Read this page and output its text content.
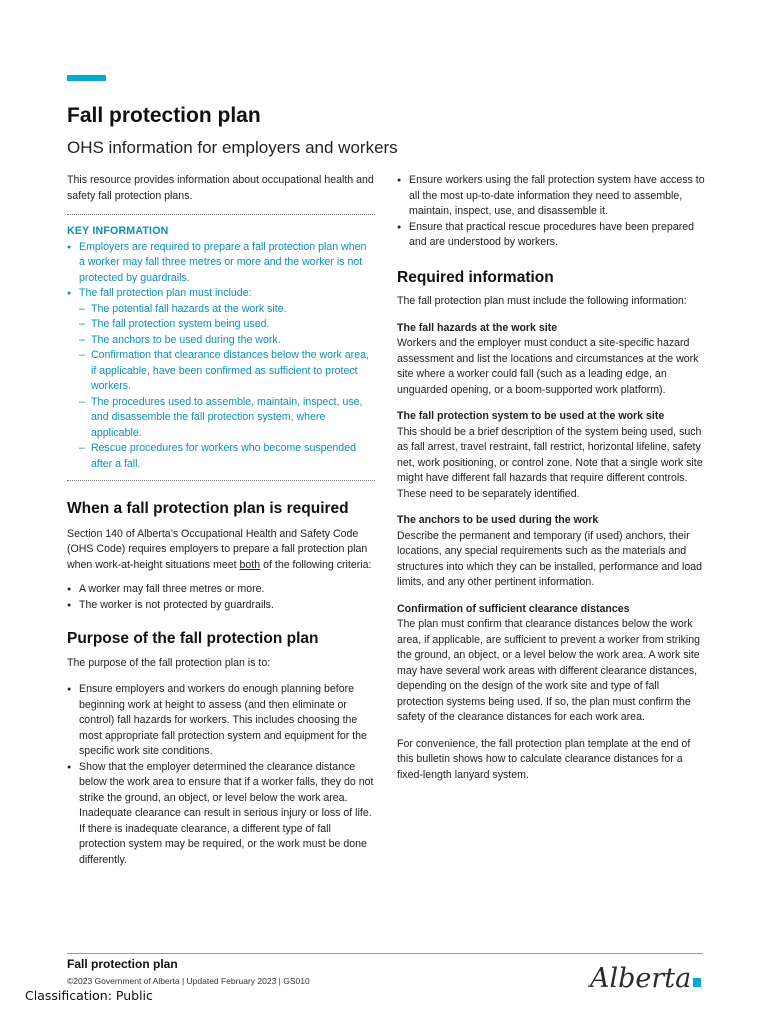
Fall protection plan
OHS information for employers and workers

This resource provides information about occupational health and safety fall protection plans.

KEY INFORMATION
● Employers are required to prepare a fall protection plan when a worker may fall three metres or more and the worker is not protected by guardrails.
● The fall protection plan must include:
– The potential fall hazards at the work site.
– The fall protection system being used.
– The anchors to be used during the work.
– Confirmation that clearance distances below the work area, if applicable, have been confirmed as sufficient to protect workers.
– The procedures used to assemble, maintain, inspect, use, and disassemble the fall protection system, where applicable.
– Rescue procedures for workers who become suspended after a fall.
When a fall protection plan is required

Section 140 of Alberta’s Occupational Health and Safety Code (OHS Code) requires employers to prepare a fall protection plan when work-at-height situations meet both of the following criteria:

● A worker may fall three metres or more.
● The worker is not protected by guardrails.
Purpose of the fall protection plan

The purpose of the fall protection plan is to:

● Ensure employers and workers do enough planning before beginning work at height to assess (and then eliminate or control) fall hazards for workers. This includes choosing the most appropriate fall protection system and equipment for the specific work site conditions.
● Show that the employer determined the clearance distance below the work area to ensure that if a worker falls, they do not strike the ground, an object, or level below the work area. Inadequate clearance can result in serious injury or loss of life. If there is inadequate clearance, a different type of fall protection system may be required, or the work must be done differently.
● Ensure workers using the fall protection system have access to all the most up-to-date information they need to assemble, maintain, inspect, use, and disassemble it.
● Ensure that practical rescue procedures have been prepared and are understood by workers.
Required information

The fall protection plan must include the following information:

The fall hazards at the work site

Workers and the employer must conduct a site-specific hazard assessment and list the locations and circumstances at the work site where a worker could fall (such as a leading edge, an unguarded opening, or a boom-supported work platform).

The fall protection system to be used at the work site

This should be a brief description of the system being used, such as fall arrest, travel restraint, fall restrict, horizontal lifeline, safety net, work positioning, or control zone. Note that a single work site might have different fall hazards that require different controls. These need to be separately identified.

The anchors to be used during the work

Describe the permanent and temporary (if used) anchors, their locations, any special requirements such as the materials and structures into which they can be installed, performance and load limits, and any other pertinent information.

Confirmation of sufficient clearance distances

The plan must confirm that clearance distances below the work area, if applicable, are sufficient to prevent a worker from striking the ground, an object, or a level below the work area. A work site may have several work areas with different clearance distances, depending on the design of the work site and type of fall protection systems being used. If so, the plan must confirm the safety of the clearance distances for each work area.

For convenience, the fall protection plan template at the end of this bulletin shows how to calculate clearance distances for a fixed-length lanyard system.

Fall protection plan
©2023 Government of Alberta | Updated February 2023 | GS010
Classification: Public
Alberta
